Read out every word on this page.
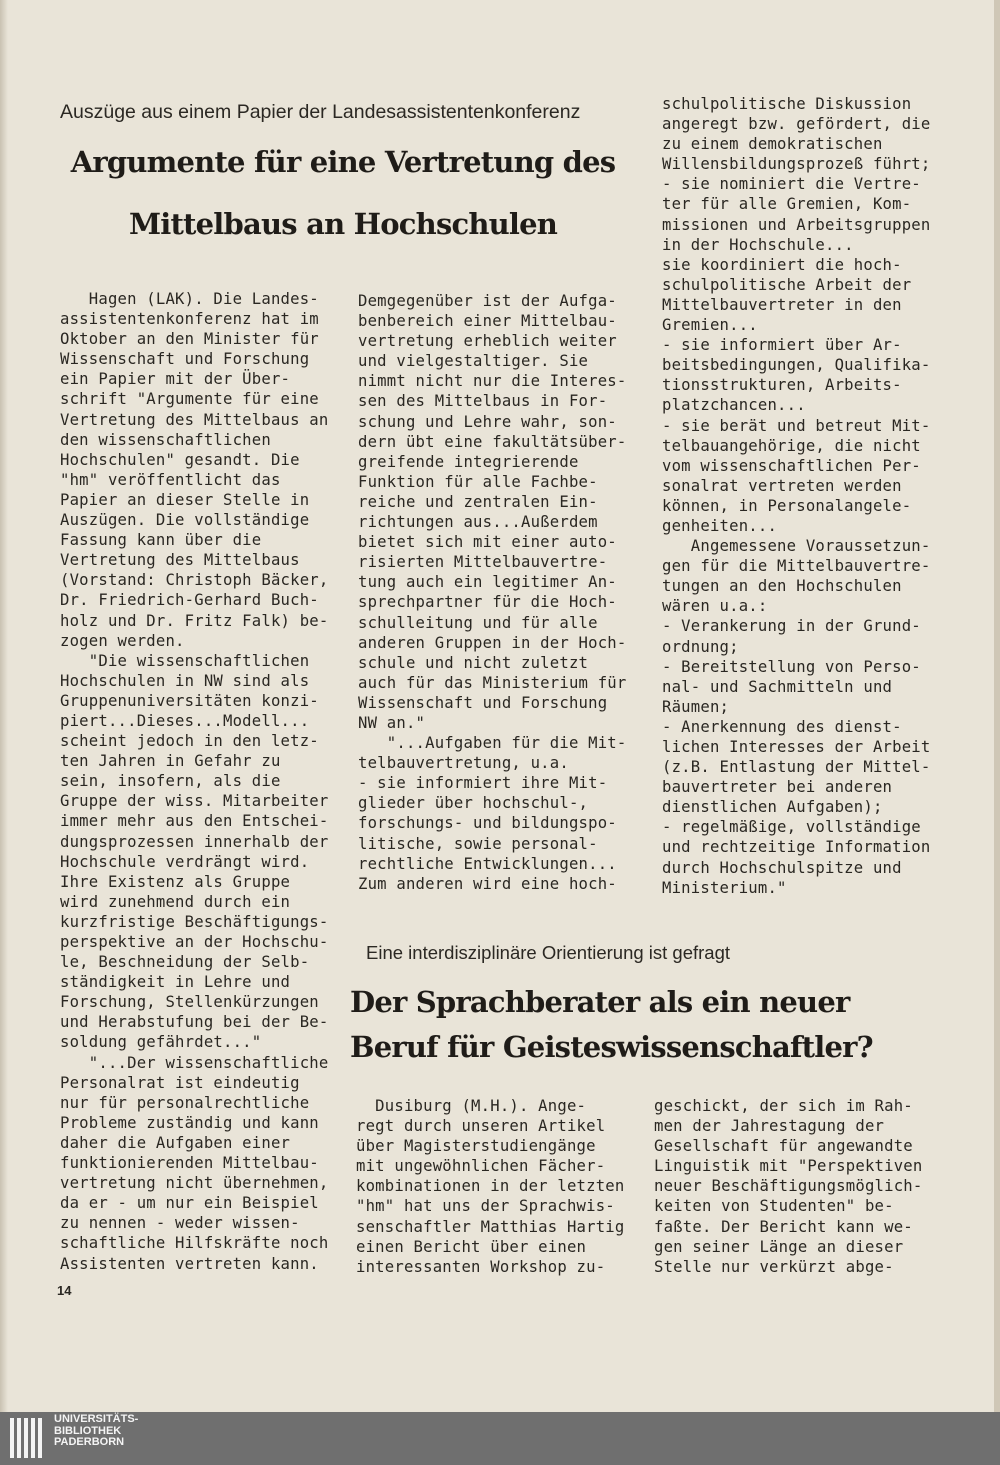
Auszüge aus einem Papier der Landesassistentenkonferenz
Argumente für eine Vertretung des
Mittelbaus an Hochschulen

Hagen (LAK). Die Landes-

assistentenkonferenz hat im

Oktober an den Minister für

Wissenschaft und Forschung

ein Papier mit der Über-

schrift "Argumente für eine

Vertretung des Mittelbaus an

den wissenschaftlichen

Hochschulen" gesandt. Die

"hm" veröffentlicht das

Papier an dieser Stelle in

Auszügen. Die vollständige

Fassung kann über die

Vertretung des Mittelbaus

(Vorstand: Christoph Bäcker,

Dr. Friedrich-Gerhard Buch-

holz und Dr. Fritz Falk) be-

zogen werden.

"Die wissenschaftlichen

Hochschulen in NW sind als

Gruppenuniversitäten konzi-

piert...Dieses...Modell...

scheint jedoch in den letz-

ten Jahren in Gefahr zu

sein, insofern, als die

Gruppe der wiss. Mitarbeiter

immer mehr aus den Entschei-

dungsprozessen innerhalb der

Hochschule verdrängt wird.

Ihre Existenz als Gruppe

wird zunehmend durch ein

kurzfristige Beschäftigungs-

perspektive an der Hochschu-

le, Beschneidung der Selb-

ständigkeit in Lehre und

Forschung, Stellenkürzungen

und Herabstufung bei der Be-

soldung gefährdet..."

"...Der wissenschaftliche

Personalrat ist eindeutig

nur für personalrechtliche

Probleme zuständig und kann

daher die Aufgaben einer

funktionierenden Mittelbau-

vertretung nicht übernehmen,

da er - um nur ein Beispiel

zu nennen - weder wissen-

schaftliche Hilfskräfte noch

Assistenten vertreten kann.

Demgegenüber ist der Aufga-

benbereich einer Mittelbau-

vertretung erheblich weiter

und vielgestaltiger. Sie

nimmt nicht nur die Interes-

sen des Mittelbaus in For-

schung und Lehre wahr, son-

dern übt eine fakultätsüber-

greifende integrierende

Funktion für alle Fachbe-

reiche und zentralen Ein-

richtungen aus...Außerdem

bietet sich mit einer auto-

risierten Mittelbauvertre-

tung auch ein legitimer An-

sprechpartner für die Hoch-

schulleitung und für alle

anderen Gruppen in der Hoch-

schule und nicht zuletzt

auch für das Ministerium für

Wissenschaft und Forschung

NW an."

"...Aufgaben für die Mit-

telbauvertretung, u.a.

- sie informiert ihre Mit-

glieder über hochschul-,

forschungs- und bildungspo-

litische, sowie personal-

rechtliche Entwicklungen...

Zum anderen wird eine hoch-

schulpolitische Diskussion

angeregt bzw. gefördert, die

zu einem demokratischen

Willensbildungsprozeß führt;

- sie nominiert die Vertre-

ter für alle Gremien, Kom-

missionen und Arbeitsgruppen

in der Hochschule...

sie koordiniert die hoch-

schulpolitische Arbeit der

Mittelbauvertreter in den

Gremien...

- sie informiert über Ar-

beitsbedingungen, Qualifika-

tionsstrukturen, Arbeits-

platzchancen...

- sie berät und betreut Mit-

telbauangehörige, die nicht

vom wissenschaftlichen Per-

sonalrat vertreten werden

können, in Personalangele-

genheiten...

Angemessene Voraussetzun-

gen für die Mittelbauvertre-

tungen an den Hochschulen

wären u.a.:

- Verankerung in der Grund-

ordnung;

- Bereitstellung von Perso-

nal- und Sachmitteln und

Räumen;

- Anerkennung des dienst-

lichen Interesses der Arbeit

(z.B. Entlastung der Mittel-

bauvertreter bei anderen

dienstlichen Aufgaben);

- regelmäßige, vollständige

und rechtzeitige Information

durch Hochschulspitze und

Ministerium."

Eine interdisziplinäre Orientierung ist gefragt
Der Sprachberater als ein neuer
Beruf für Geisteswissenschaftler?

Dusiburg (M.H.). Ange-

regt durch unseren Artikel

über Magisterstudiengänge

mit ungewöhnlichen Fächer-

kombinationen in der letzten

"hm" hat uns der Sprachwis-

senschaftler Matthias Hartig

einen Bericht über einen

interessanten Workshop zu-

geschickt, der sich im Rah-

men der Jahrestagung der

Gesellschaft für angewandte

Linguistik mit "Perspektiven

neuer Beschäftigungsmöglich-

keiten von Studenten" be-

faßte. Der Bericht kann we-

gen seiner Länge an dieser

Stelle nur verkürzt abge-

14
UNIVERSITÄTS-
BIBLIOTHEK
PADERBORN
